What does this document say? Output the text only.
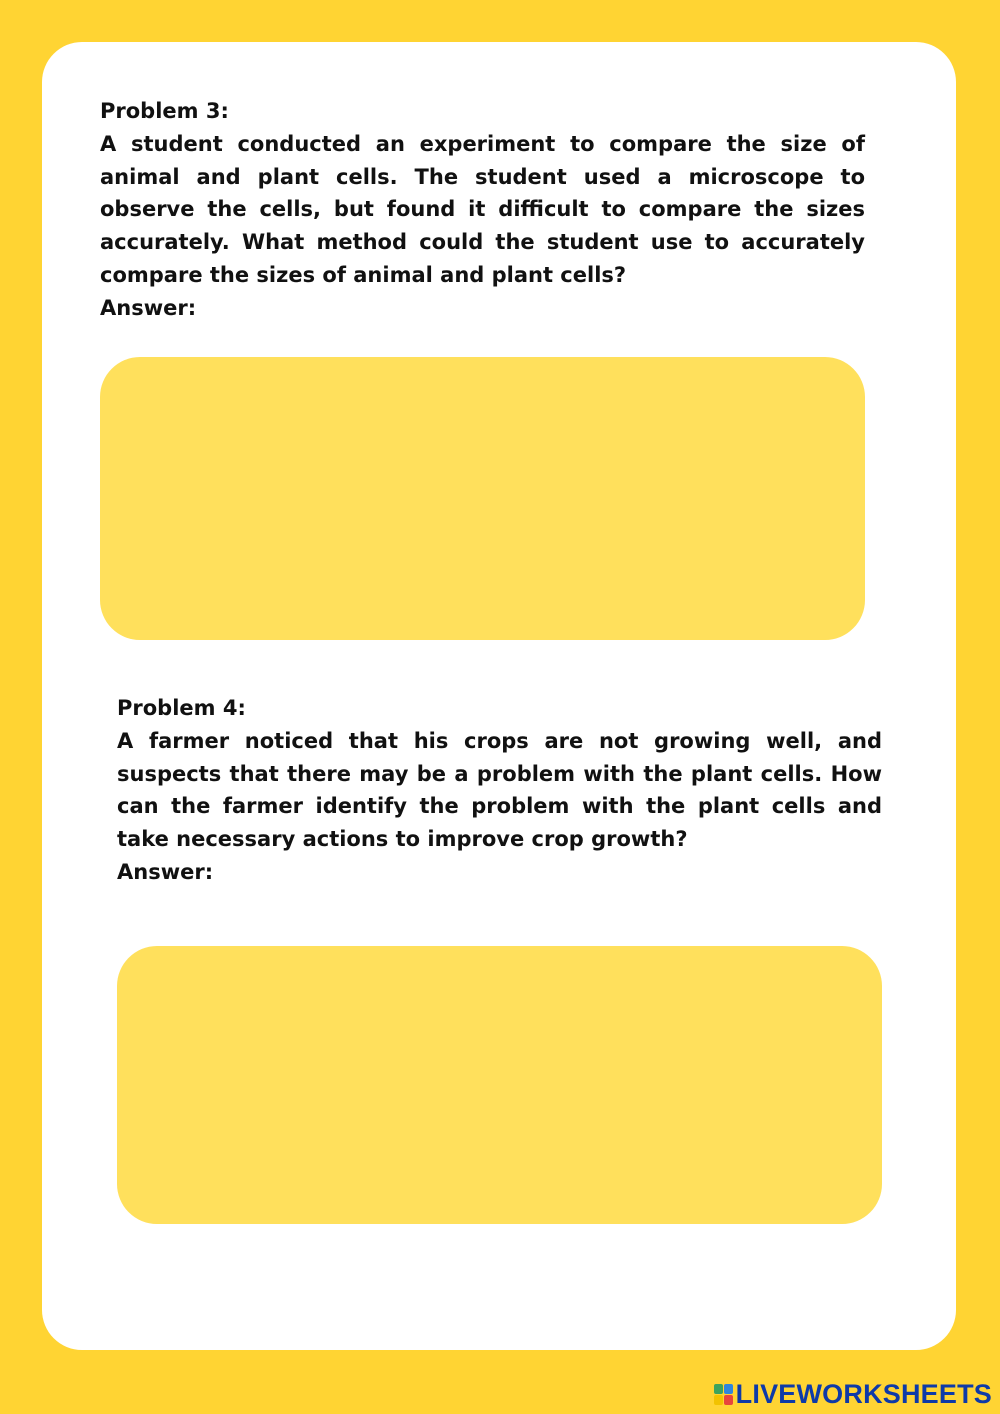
Problem 3:
A student conducted an experiment to compare the size of animal and plant cells. The student used a microscope to observe the cells, but found it difficult to compare the sizes accurately. What method could the student use to accurately compare the sizes of animal and plant cells?
Answer:
Problem 4:
A farmer noticed that his crops are not growing well, and suspects that there may be a problem with the plant cells. How can the farmer identify the problem with the plant cells and take necessary actions to improve crop growth?
Answer:
LIVEWORKSHEETS
